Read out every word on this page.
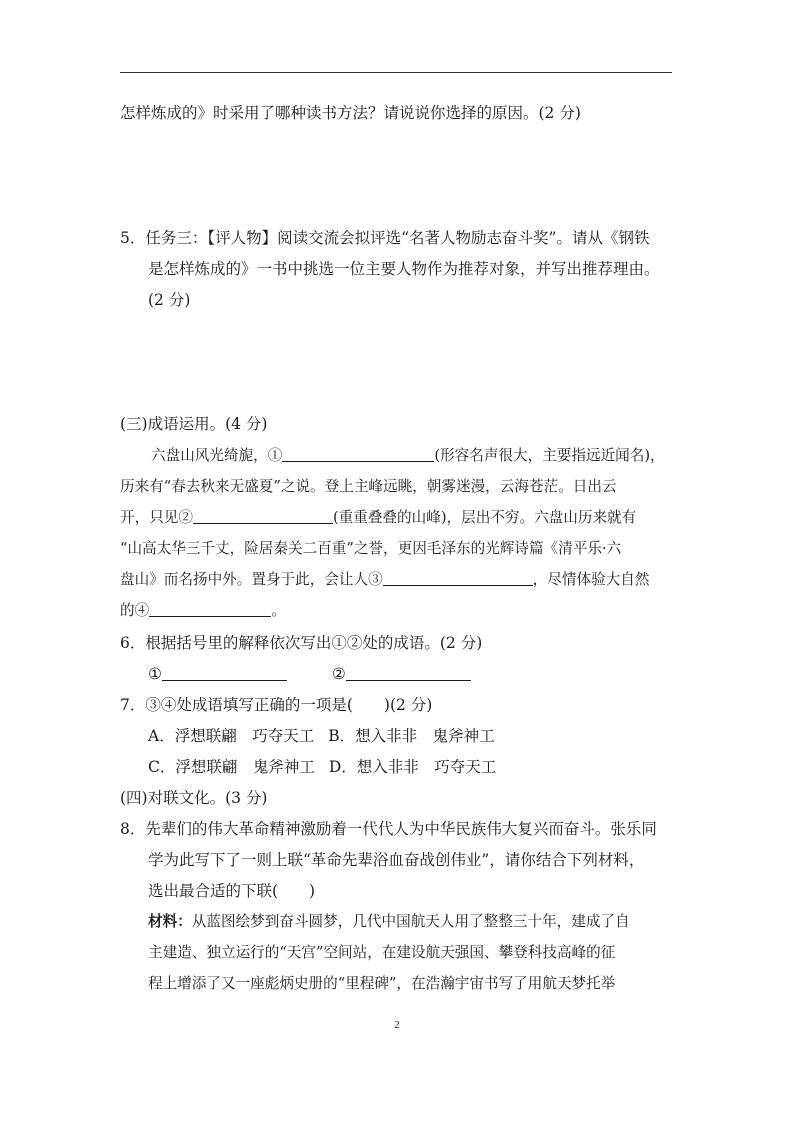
怎样炼成的》时采用了哪种读书方法？请说说你选择的原因。(2 分)
5．任务三：【评人物】阅读交流会拟评选“名著人物励志奋斗奖”。请从《钢铁
是怎样炼成的》一书中挑选一位主要人物作为推荐对象，并写出推荐理由。
(2 分)
(三)成语运用。(4 分)
六盘山风光绮旎，①	(形容名声很大，主要指远近闻名)，
历来有“春去秋来无盛夏”之说。登上主峰远眺，朝雾迷漫，云海苍茫。日出云
开，只见②	(重重叠叠的山峰)，层出不穷。六盘山历来就有
“山高太华三千丈，险居秦关二百重”之誉，更因毛泽东的光辉诗篇《清平乐·六
盘山》而名扬中外。置身于此，会让人③	，尽情体验大自然
的④	。
6．根据括号里的解释依次写出①②处的成语。(2 分)
①	②
7．③④处成语填写正确的一项是(　　)(2 分)
A．浮想联翩　巧夺天工 B．想入非非　鬼斧神工
C．浮想联翩　鬼斧神工 D．想入非非　巧夺天工
(四)对联文化。(3 分)
8．先辈们的伟大革命精神激励着一代代人为中华民族伟大复兴而奋斗。张乐同
学为此写下了一则上联“革命先辈浴血奋战创伟业”，请你结合下列材料，
选出最合适的下联(　　)
材料：从蓝图绘梦到奋斗圆梦，几代中国航天人用了整整三十年，建成了自
主建造、独立运行的“天宫”空间站，在建设航天强国、攀登科技高峰的征
程上增添了又一座彪炳史册的“里程碑”，在浩瀚宇宙书写了用航天梦托举
2
